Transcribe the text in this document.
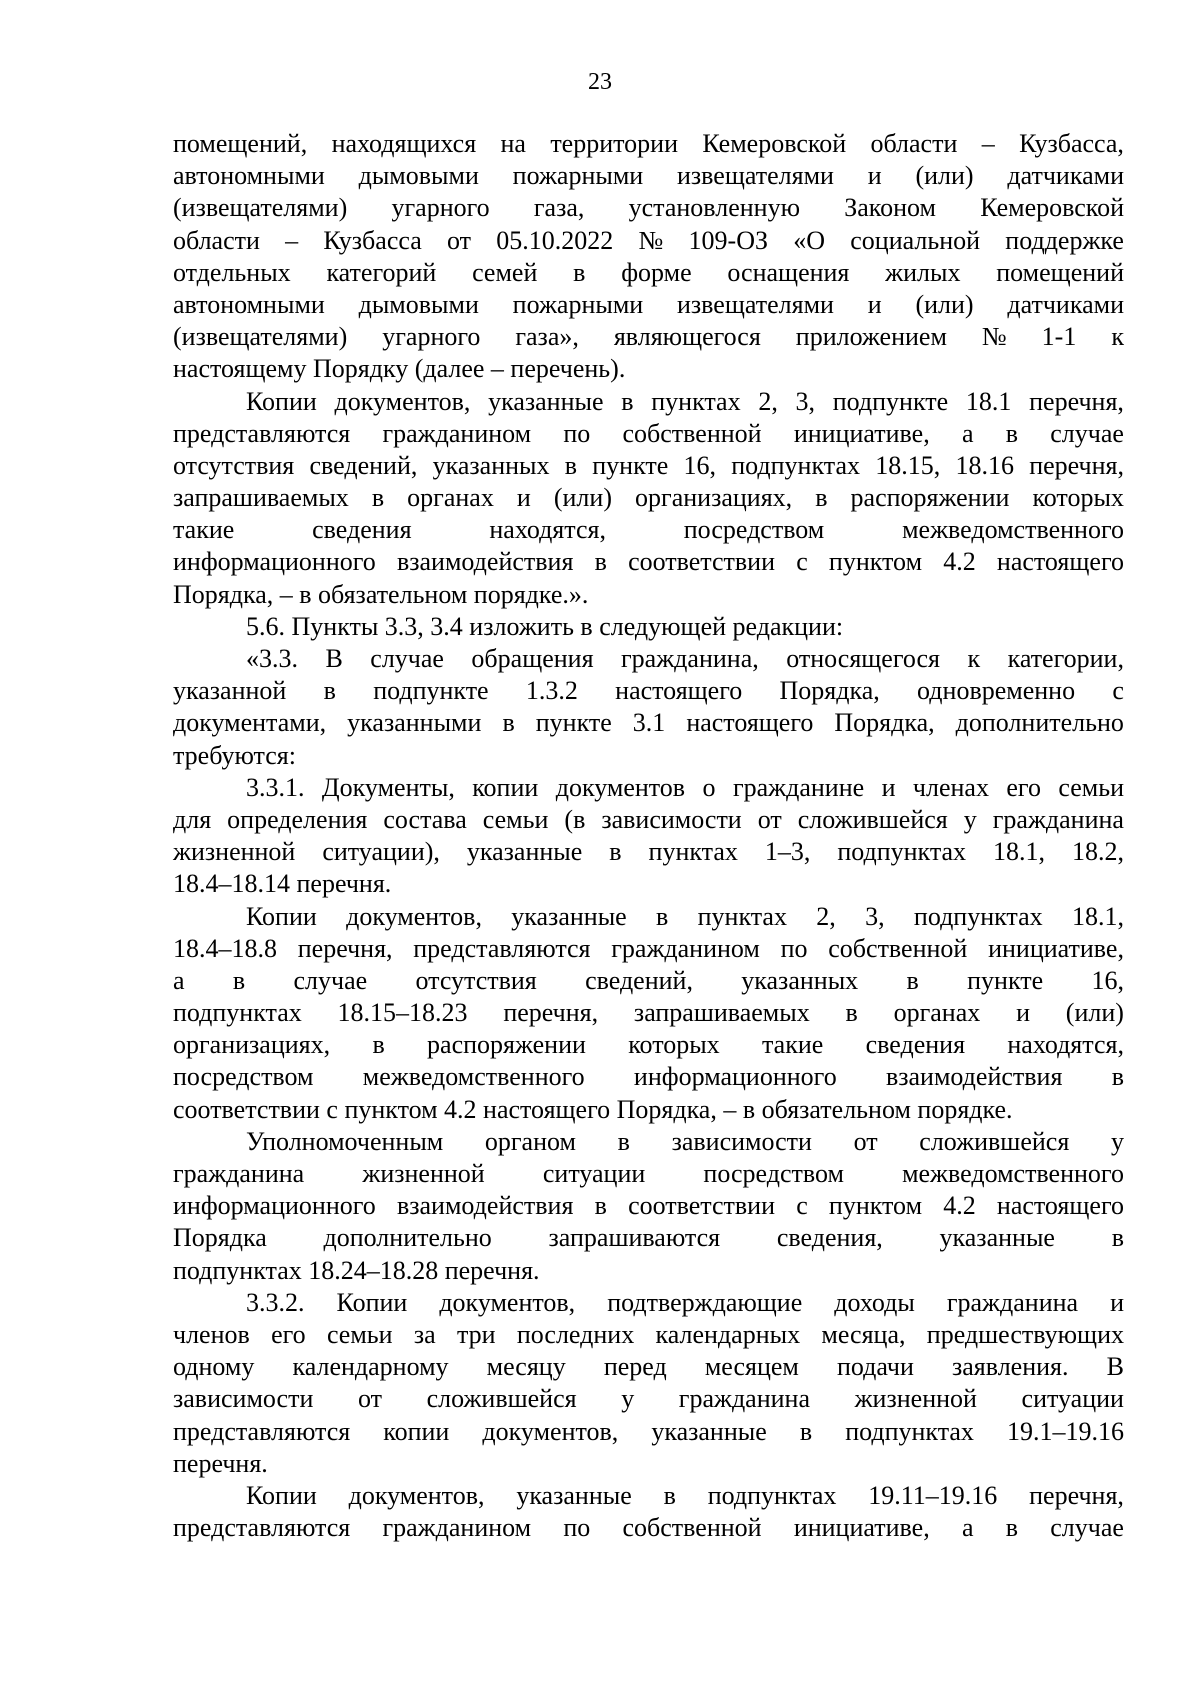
23
помещений, находящихся на территории Кемеровской области – Кузбасса,
автономными дымовыми пожарными извещателями и (или) датчиками
(извещателями) угарного газа, установленную Законом Кемеровской
области – Кузбасса от 05.10.2022 № 109-ОЗ «О социальной поддержке
отдельных категорий семей в форме оснащения жилых помещений
автономными дымовыми пожарными извещателями и (или) датчиками
(извещателями) угарного газа», являющегося приложением № 1-1 к
настоящему Порядку (далее – перечень).
Копии документов, указанные в пунктах 2, 3, подпункте 18.1 перечня,
представляются гражданином по собственной инициативе, а в случае
отсутствия сведений, указанных в пункте 16, подпунктах 18.15, 18.16 перечня,
запрашиваемых в органах и (или) организациях, в распоряжении которых
такие	сведения	находятся,	посредством	межведомственного
информационного взаимодействия в соответствии с пунктом 4.2 настоящего
Порядка, – в обязательном порядке.».
5.6. Пункты 3.3, 3.4 изложить в следующей редакции:
«3.3. В случае обращения гражданина, относящегося к категории,
указанной в подпункте 1.3.2 настоящего Порядка, одновременно с
документами, указанными в пункте 3.1 настоящего Порядка, дополнительно
требуются:
3.3.1. Документы, копии документов о гражданине и членах его семьи
для определения состава семьи (в зависимости от сложившейся у гражданина
жизненной ситуации), указанные в пунктах 1–3, подпунктах 18.1, 18.2,
18.4–18.14 перечня.
Копии документов, указанные в пунктах 2, 3, подпунктах 18.1,
18.4–18.8 перечня, представляются гражданином по собственной инициативе,
а в случае отсутствия сведений, указанных в пункте 16,
подпунктах 18.15–18.23 перечня, запрашиваемых в органах и (или)
организациях, в распоряжении которых такие сведения находятся,
посредством межведомственного информационного взаимодействия в
соответствии с пунктом 4.2 настоящего Порядка, – в обязательном порядке.
Уполномоченным органом в зависимости от сложившейся у
гражданина жизненной ситуации посредством межведомственного
информационного взаимодействия в соответствии с пунктом 4.2 настоящего
Порядка дополнительно запрашиваются сведения, указанные в
подпунктах 18.24–18.28 перечня.
3.3.2. Копии документов, подтверждающие доходы гражданина и
членов его семьи за три последних календарных месяца, предшествующих
одному календарному месяцу перед месяцем подачи заявления. В
зависимости от сложившейся у гражданина жизненной ситуации
представляются копии документов, указанные в подпунктах 19.1–19.16
перечня.
Копии документов, указанные в подпунктах 19.11–19.16 перечня,
представляются гражданином по собственной инициативе, а в случае
